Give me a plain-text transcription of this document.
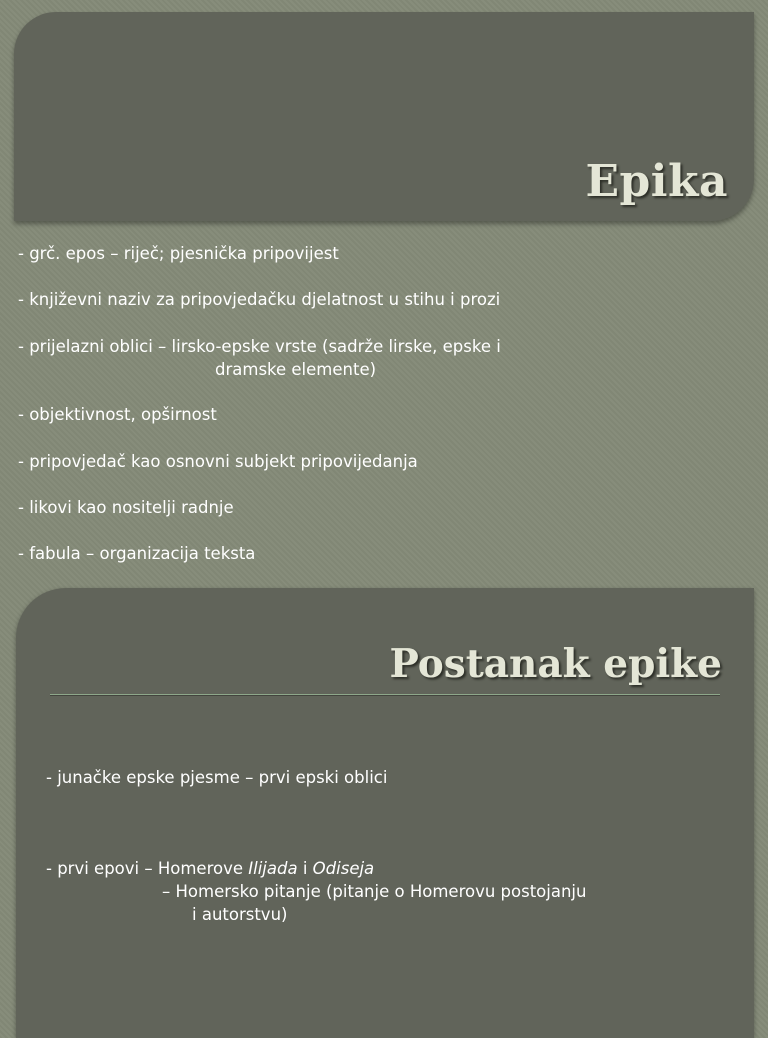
Epika

- grč. epos – riječ; pjesnička pripovijest

- književni naziv za pripovjedačku djelatnost u stihu i prozi

- prijelazni oblici – lirsko-epske vrste (sadrže lirske, epske i
dramske elemente)

- objektivnost, opširnost

- pripovjedač kao osnovni subjekt pripovijedanja

- likovi kao nositelji radnje

- fabula – organizacija teksta

Postanak epike

- junačke epske pjesme – prvi epski oblici

- prvi epovi – Homerove Ilijada i Odiseja

– Homersko pitanje (pitanje o Homerovu postojanju

i autorstvu)
